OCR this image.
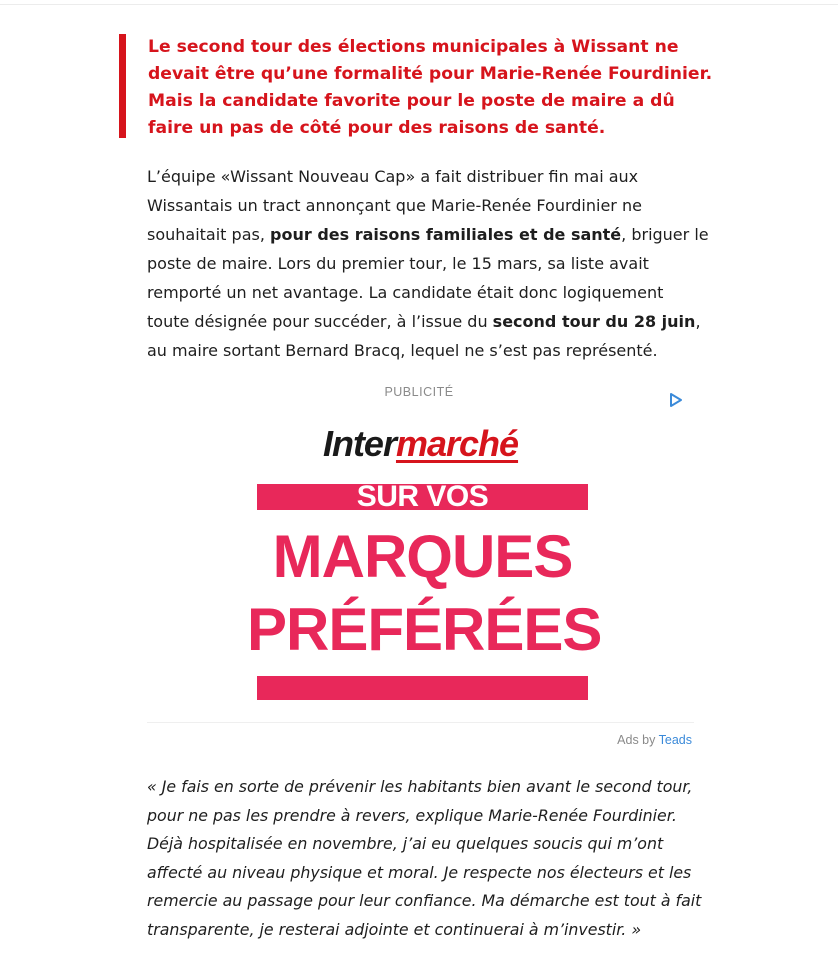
Le second tour des élections municipales à Wissant ne
devait être qu’une formalité pour Marie-Renée Fourdinier.
Mais la candidate favorite pour le poste de maire a dû
faire un pas de côté pour des raisons de santé.
L’équipe «Wissant Nouveau Cap» a fait distribuer fin mai aux
Wissantais un tract annonçant que Marie-Renée Fourdinier ne
souhaitait pas, pour des raisons familiales et de santé, briguer le
poste de maire. Lors du premier tour, le 15 mars, sa liste avait
remporté un net avantage. La candidate était donc logiquement
toute désignée pour succéder, à l’issue du second tour du 28 juin,
au maire sortant Bernard Bracq, lequel ne s’est pas représenté.
PUBLICITÉ
Intermarché
SUR VOS
MARQUES
PRÉFÉRÉES
Ads by Teads
« Je fais en sorte de prévenir les habitants bien avant le second tour,
pour ne pas les prendre à revers, explique Marie-Renée Fourdinier.
Déjà hospitalisée en novembre, j’ai eu quelques soucis qui m’ont
affecté au niveau physique et moral. Je respecte nos électeurs et les
remercie au passage pour leur confiance. Ma démarche est tout à fait
transparente, je resterai adjointe et continuerai à m’investir. »
